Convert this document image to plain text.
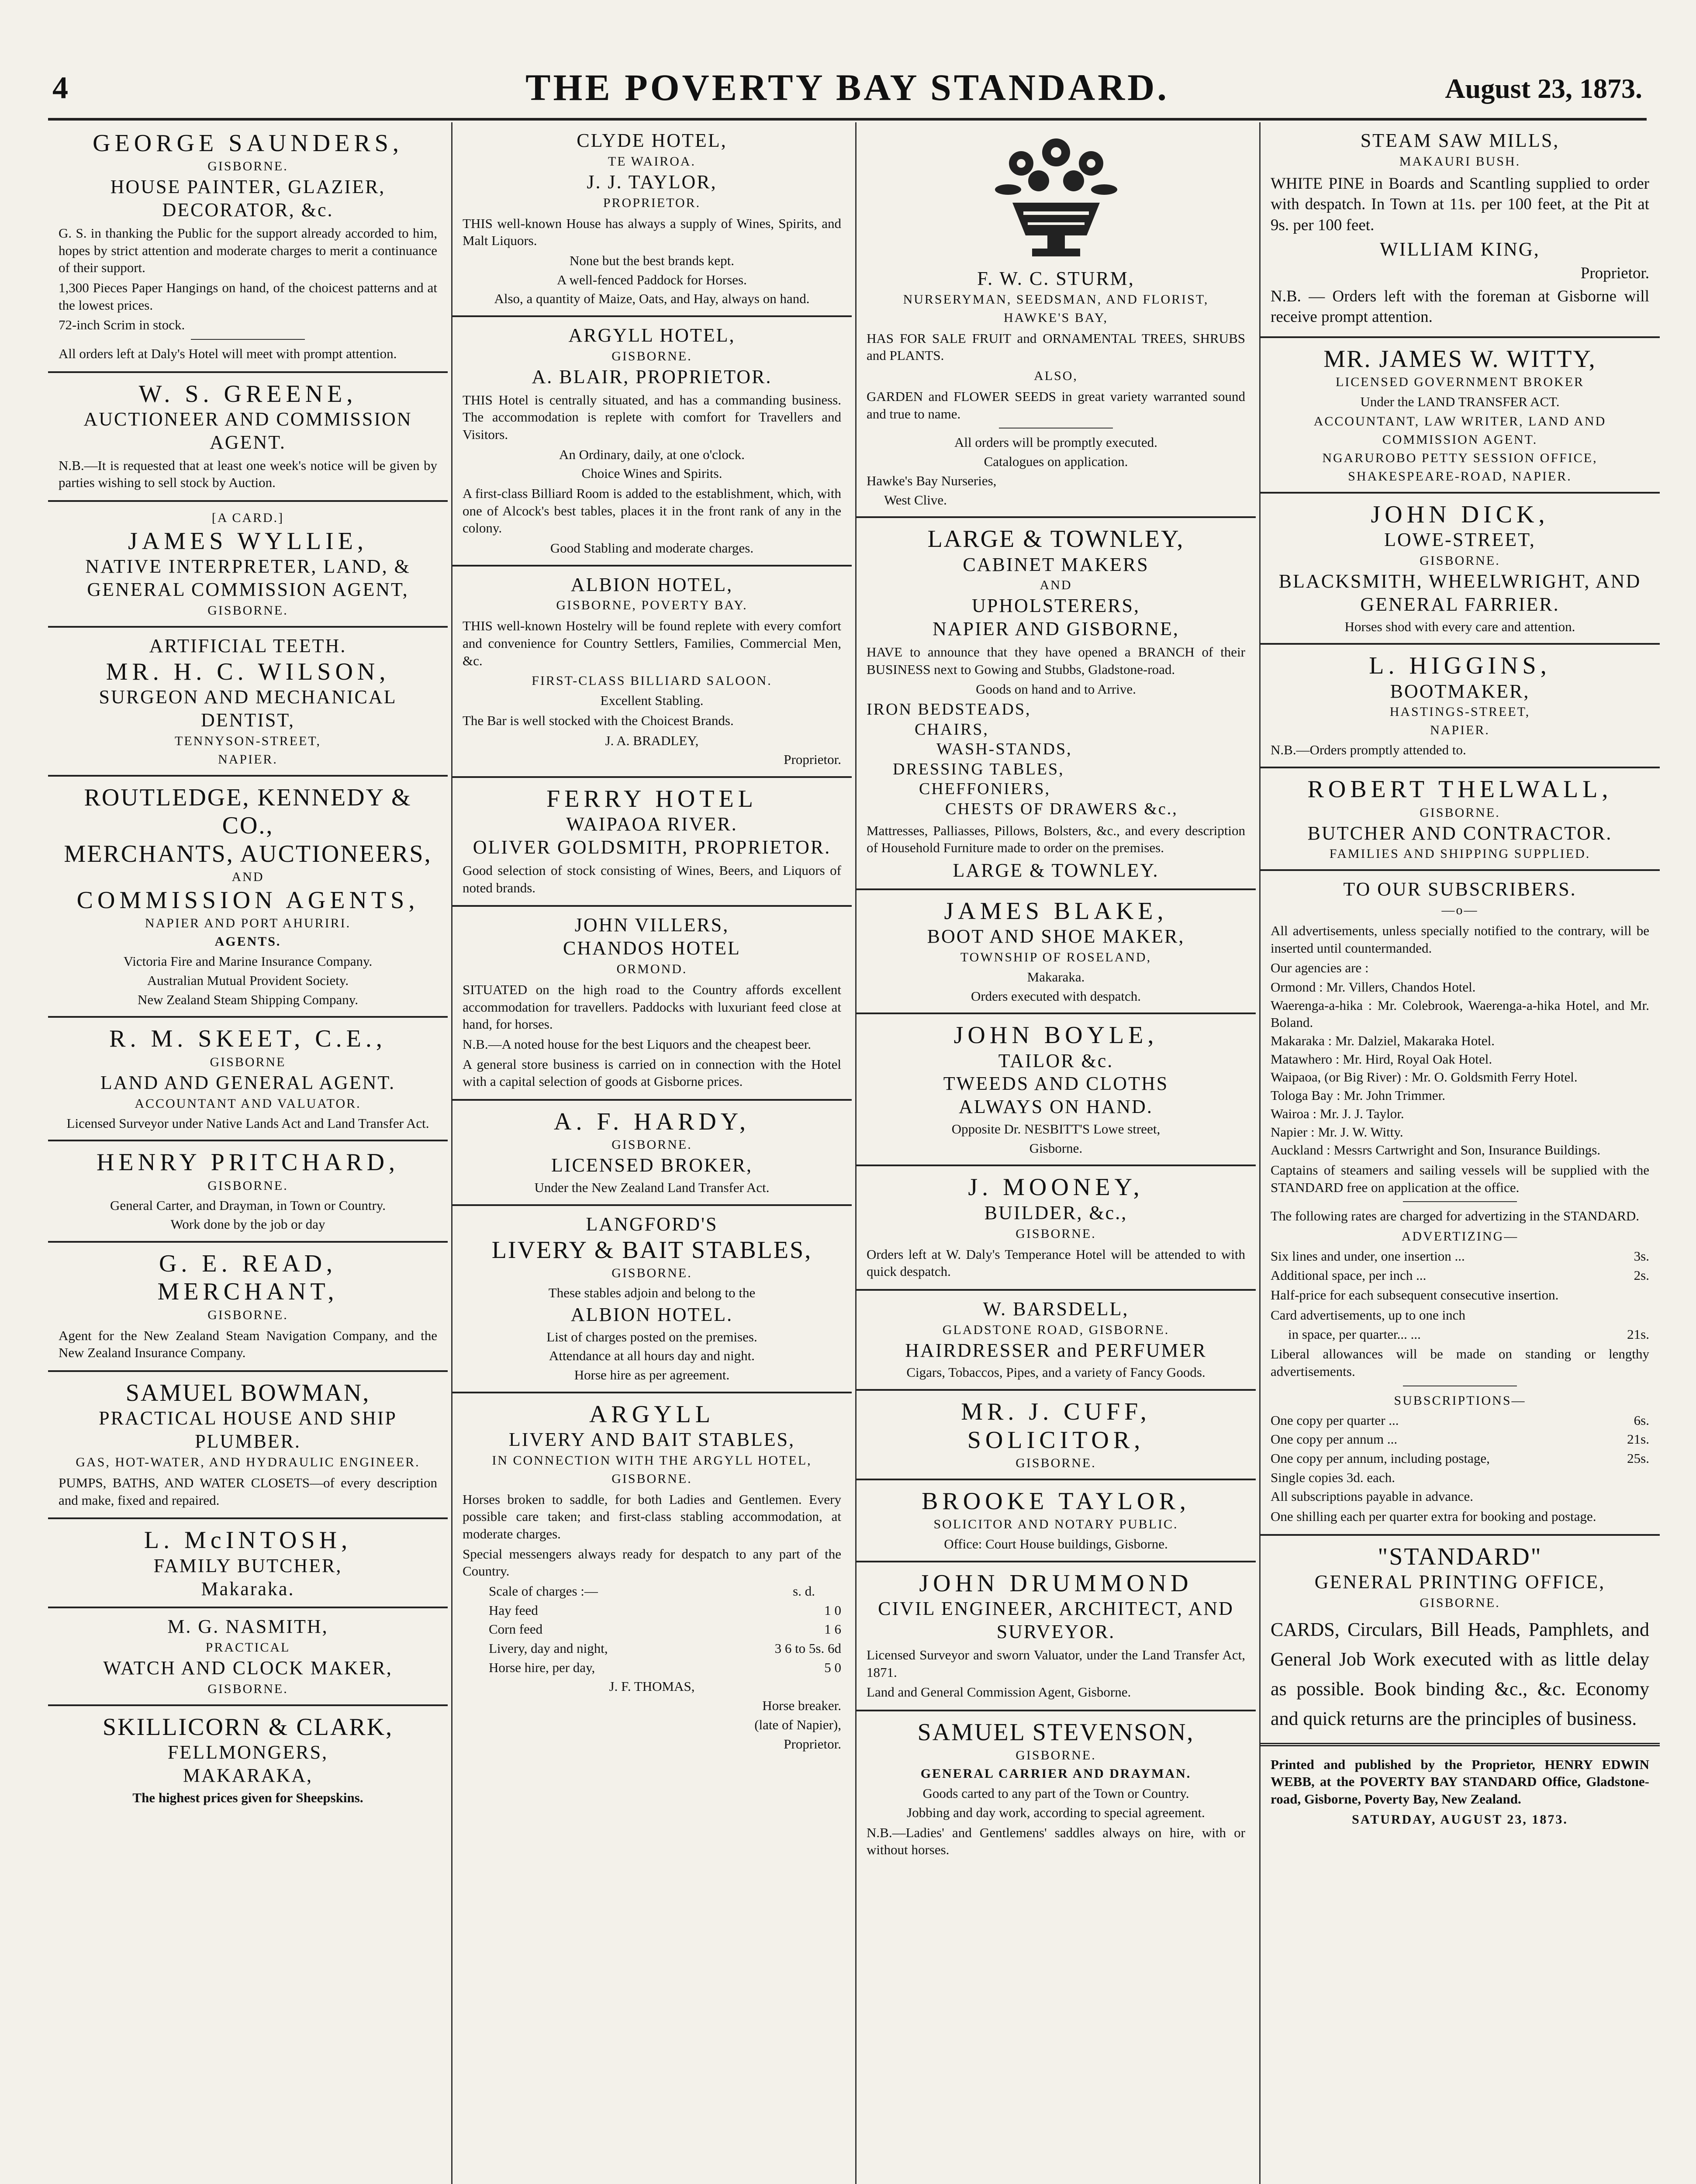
4	THE POVERTY BAY STANDARD.	August 23, 1873.
GEORGE SAUNDERS,
GISBORNE.
HOUSE PAINTER, GLAZIER, DECORATOR, &c.
G. S. in thanking the Public for the support already accorded to him, hopes by strict attention and moderate charges to merit a continuance of their support.
1,300 Pieces Paper Hangings on hand, of the choicest patterns and at the lowest prices.
72-inch Scrim in stock.
All orders left at Daly's Hotel will meet with prompt attention.
W. S. GREENE,
AUCTIONEER AND COMMISSION AGENT.
N.B.—It is requested that at least one week's notice will be given by parties wishing to sell stock by Auction.
[A CARD.]
JAMES WYLLIE,
NATIVE INTERPRETER, LAND, & GENERAL COMMISSION AGENT,
GISBORNE.
ARTIFICIAL TEETH.
MR. H. C. WILSON,
SURGEON AND MECHANICAL DENTIST,
TENNYSON-STREET,
NAPIER.
ROUTLEDGE, KENNEDY & CO.,
MERCHANTS, AUCTIONEERS,
AND
COMMISSION AGENTS,
NAPIER AND PORT AHURIRI.
AGENTS.
Victoria Fire and Marine Insurance Company.
Australian Mutual Provident Society.
New Zealand Steam Shipping Company.
R. M. SKEET, C.E.,
GISBORNE
LAND AND GENERAL AGENT.
ACCOUNTANT AND VALUATOR.
Licensed Surveyor under Native Lands Act and Land Transfer Act.
HENRY PRITCHARD,
GISBORNE.
General Carter, and Drayman, in Town or Country.
Work done by the job or day
G. E. READ,
MERCHANT,
GISBORNE.
Agent for the New Zealand Steam Navigation Company, and the New Zealand Insurance Company.
SAMUEL BOWMAN,
PRACTICAL HOUSE AND SHIP PLUMBER.
GAS, HOT-WATER, AND HYDRAULIC ENGINEER.
PUMPS, BATHS, AND WATER CLOSETS—of every description and make, fixed and repaired.
L. McINTOSH,
FAMILY BUTCHER,
Makaraka.
M. G. NASMITH,
PRACTICAL
WATCH AND CLOCK MAKER,
GISBORNE.
SKILLICORN & CLARK,
FELLMONGERS,
MAKARAKA,
The highest prices given for Sheepskins.
CLYDE HOTEL,
TE WAIROA.
J. J. TAYLOR,
PROPRIETOR.
THIS well-known House has always a supply of Wines, Spirits, and Malt Liquors.
None but the best brands kept.
A well-fenced Paddock for Horses.
Also, a quantity of Maize, Oats, and Hay, always on hand.
ARGYLL HOTEL,
GISBORNE.
A. BLAIR, PROPRIETOR.
THIS Hotel is centrally situated, and has a commanding business. The accommodation is replete with comfort for Travellers and Visitors.
An Ordinary, daily, at one o'clock.
Choice Wines and Spirits.
A first-class Billiard Room is added to the establishment, which, with one of Alcock's best tables, places it in the front rank of any in the colony.
Good Stabling and moderate charges.
ALBION HOTEL,
GISBORNE, POVERTY BAY.
THIS well-known Hostelry will be found replete with every comfort and convenience for Country Settlers, Families, Commercial Men, &c.
FIRST-CLASS BILLIARD SALOON.
Excellent Stabling.
The Bar is well stocked with the Choicest Brands.
J. A. BRADLEY,
Proprietor.
FERRY HOTEL
WAIPAOA RIVER.
OLIVER GOLDSMITH, PROPRIETOR.
Good selection of stock consisting of Wines, Beers, and Liquors of noted brands.
JOHN VILLERS,
CHANDOS HOTEL
ORMOND.
SITUATED on the high road to the Country affords excellent accommodation for travellers. Paddocks with luxuriant feed close at hand, for horses.
N.B.—A noted house for the best Liquors and the cheapest beer.
A general store business is carried on in connection with the Hotel with a capital selection of goods at Gisborne prices.
A. F. HARDY,
GISBORNE.
LICENSED BROKER,
Under the New Zealand Land Transfer Act.
LANGFORD'S
LIVERY & BAIT STABLES,
GISBORNE.
These stables adjoin and belong to the
ALBION HOTEL.
List of charges posted on the premises.
Attendance at all hours day and night.
Horse hire as per agreement.
ARGYLL
LIVERY AND BAIT STABLES,
IN CONNECTION WITH THE ARGYLL HOTEL,
GISBORNE.
Horses broken to saddle, for both Ladies and Gentlemen. Every possible care taken; and first-class stabling accommodation, at moderate charges.
Special messengers always ready for despatch to any part of the Country.
Scale of charges :—	s. d.
Hay feed	1 0
Corn feed	1 6
Livery, day and night,	3 6 to 5s. 6d
Horse hire, per day,	5 0
J. F. THOMAS,
Horse breaker.
(late of Napier),
Proprietor.
F. W. C. STURM,
NURSERYMAN, SEEDSMAN, AND FLORIST,
HAWKE'S BAY,
HAS FOR SALE FRUIT and ORNAMENTAL TREES, SHRUBS and PLANTS.
ALSO,
GARDEN and FLOWER SEEDS in great variety warranted sound and true to name.
All orders will be promptly executed.
Catalogues on application.
Hawke's Bay Nurseries,
West Clive.
LARGE & TOWNLEY,
CABINET MAKERS
AND
UPHOLSTERERS,
NAPIER AND GISBORNE,
HAVE to announce that they have opened a BRANCH of their BUSINESS next to Gowing and Stubbs, Gladstone-road.
Goods on hand and to Arrive.
IRON BEDSTEADS,
CHAIRS,
WASH-STANDS,
DRESSING TABLES,
CHEFFONIERS,
CHESTS OF DRAWERS &c.,
Mattresses, Palliasses, Pillows, Bolsters, &c., and every description of Household Furniture made to order on the premises.
LARGE & TOWNLEY.
JAMES BLAKE,
BOOT AND SHOE MAKER,
TOWNSHIP OF ROSELAND,
Makaraka.
Orders executed with despatch.
JOHN BOYLE,
TAILOR &c.
TWEEDS AND CLOTHS
ALWAYS ON HAND.
Opposite Dr. NESBITT'S Lowe street,
Gisborne.
J. MOONEY,
BUILDER, &c.,
GISBORNE.
Orders left at W. Daly's Temperance Hotel will be attended to with quick despatch.
W. BARSDELL,
GLADSTONE ROAD, GISBORNE.
HAIRDRESSER and PERFUMER
Cigars, Tobaccos, Pipes, and a variety of Fancy Goods.
MR. J. CUFF,
SOLICITOR,
GISBORNE.
BROOKE TAYLOR,
SOLICITOR AND NOTARY PUBLIC.
Office: Court House buildings, Gisborne.
JOHN DRUMMOND
CIVIL ENGINEER, ARCHITECT, AND SURVEYOR.
Licensed Surveyor and sworn Valuator, under the Land Transfer Act, 1871.
Land and General Commission Agent, Gisborne.
SAMUEL STEVENSON,
GISBORNE.
GENERAL CARRIER AND DRAYMAN.
Goods carted to any part of the Town or Country.
Jobbing and day work, according to special agreement.
N.B.—Ladies' and Gentlemens' saddles always on hire, with or without horses.
STEAM SAW MILLS,
MAKAURI BUSH.
WHITE PINE in Boards and Scantling supplied to order with despatch. In Town at 11s. per 100 feet, at the Pit at 9s. per 100 feet.
WILLIAM KING,
Proprietor.
N.B. — Orders left with the foreman at Gisborne will receive prompt attention.
MR. JAMES W. WITTY,
LICENSED GOVERNMENT BROKER
Under the LAND TRANSFER ACT.
ACCOUNTANT, LAW WRITER, LAND AND COMMISSION AGENT.
NGARUROBO PETTY SESSION OFFICE,
SHAKESPEARE-ROAD, NAPIER.
JOHN DICK,
LOWE-STREET,
GISBORNE.
BLACKSMITH, WHEELWRIGHT, AND GENERAL FARRIER.
Horses shod with every care and attention.
L. HIGGINS,
BOOTMAKER,
HASTINGS-STREET,
NAPIER.
N.B.—Orders promptly attended to.
ROBERT THELWALL,
GISBORNE.
BUTCHER AND CONTRACTOR.
FAMILIES AND SHIPPING SUPPLIED.
TO OUR SUBSCRIBERS.
—o—
All advertisements, unless specially notified to the contrary, will be inserted until countermanded.
Our agencies are :
Ormond : Mr. Villers, Chandos Hotel.
Waerenga-a-hika : Mr. Colebrook, Waerenga-a-hika Hotel, and Mr. Boland.
Makaraka : Mr. Dalziel, Makaraka Hotel.
Matawhero : Mr. Hird, Royal Oak Hotel.
Waipaoa, (or Big River) : Mr. O. Goldsmith Ferry Hotel.
Tologa Bay : Mr. John Trimmer.
Wairoa : Mr. J. J. Taylor.
Napier : Mr. J. W. Witty.
Auckland : Messrs Cartwright and Son, Insurance Buildings.
Captains of steamers and sailing vessels will be supplied with the STANDARD free on application at the office.
The following rates are charged for advertizing in the STANDARD.
ADVERTIZING—
Six lines and under, one insertion ...	3s.
Additional space, per inch ...	2s.
Half-price for each subsequent consecutive insertion.
Card advertisements, up to one inch
in space, per quarter... ...	21s.
Liberal allowances will be made on standing or lengthy advertisements.
SUBSCRIPTIONS—
One copy per quarter ...	6s.
One copy per annum ...	21s.
One copy per annum, including postage,	25s.
Single copies 3d. each.
All subscriptions payable in advance.
One shilling each per quarter extra for booking and postage.
"STANDARD"
GENERAL PRINTING OFFICE,
GISBORNE.
CARDS, Circulars, Bill Heads, Pamphlets, and General Job Work executed with as little delay as possible. Book binding &c., &c. Economy and quick returns are the principles of business.
Printed and published by the Proprietor, HENRY EDWIN WEBB, at the POVERTY BAY STANDARD Office, Gladstone-road, Gisborne, Poverty Bay, New Zealand.
SATURDAY, AUGUST 23, 1873.
